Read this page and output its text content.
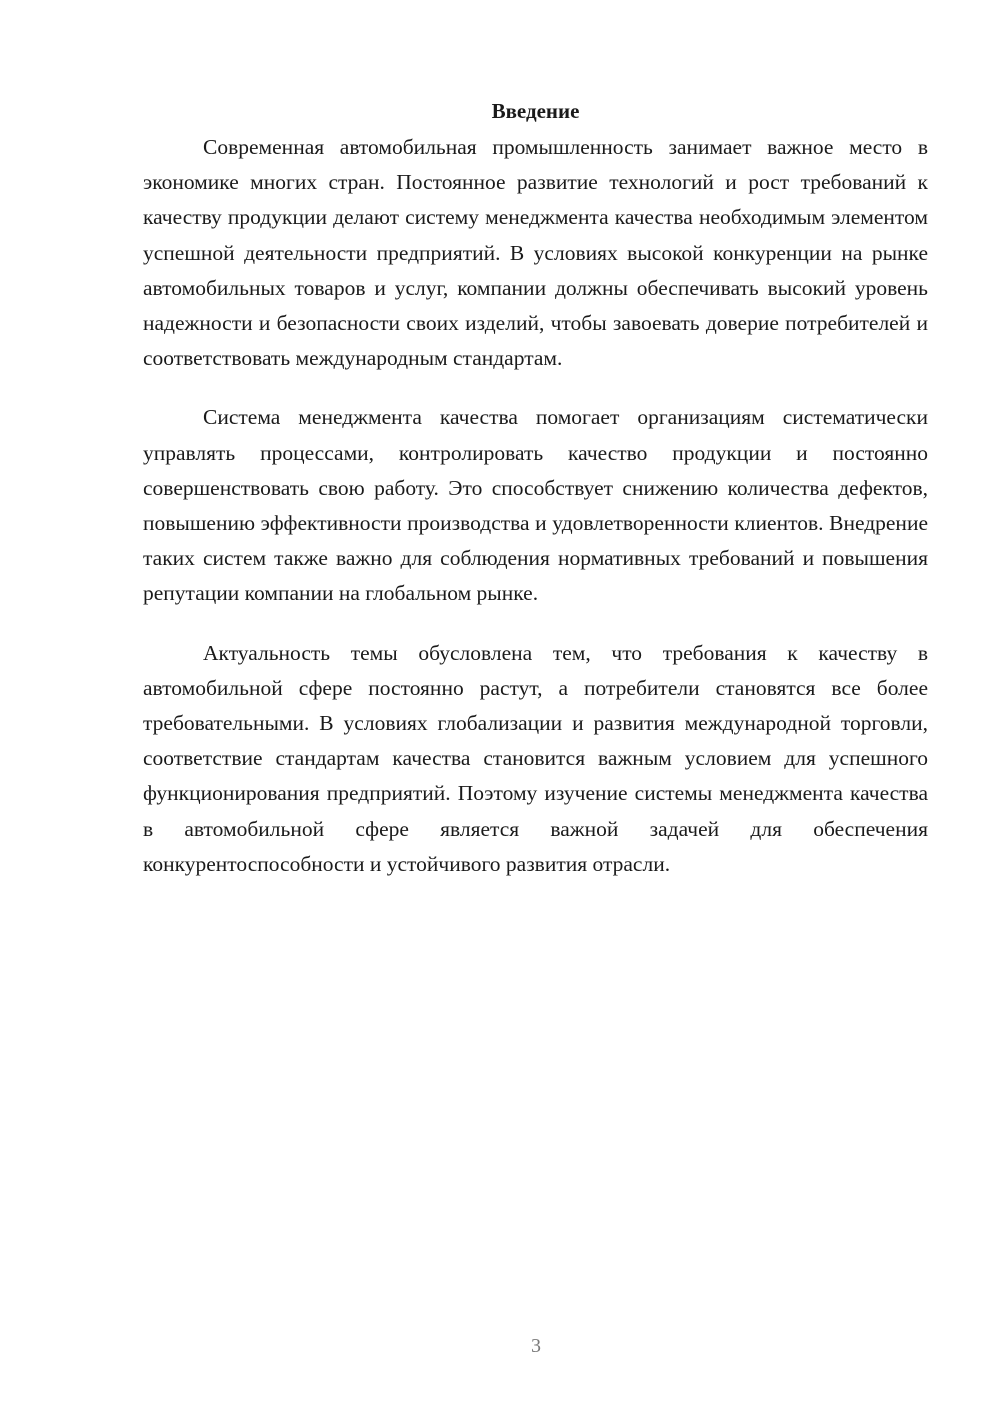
Введение

Современная автомобильная промышленность занимает важное место в экономике многих стран. Постоянное развитие технологий и рост требований к качеству продукции делают систему менеджмента качества необходимым элементом успешной деятельности предприятий. В условиях высокой конкуренции на рынке автомобильных товаров и услуг, компании должны обеспечивать высокий уровень надежности и безопасности своих изделий, чтобы завоевать доверие потребителей и соответствовать международным стандартам.

Система менеджмента качества помогает организациям систематически управлять процессами, контролировать качество продукции и постоянно совершенствовать свою работу. Это способствует снижению количества дефектов, повышению эффективности производства и удовлетворенности клиентов. Внедрение таких систем также важно для соблюдения нормативных требований и повышения репутации компании на глобальном рынке.

Актуальность темы обусловлена тем, что требования к качеству в автомобильной сфере постоянно растут, а потребители становятся все более требовательными. В условиях глобализации и развития международной торговли, соответствие стандартам качества становится важным условием для успешного функционирования предприятий. Поэтому изучение системы менеджмента качества в автомобильной сфере является важной задачей для обеспечения конкурентоспособности и устойчивого развития отрасли.

3
